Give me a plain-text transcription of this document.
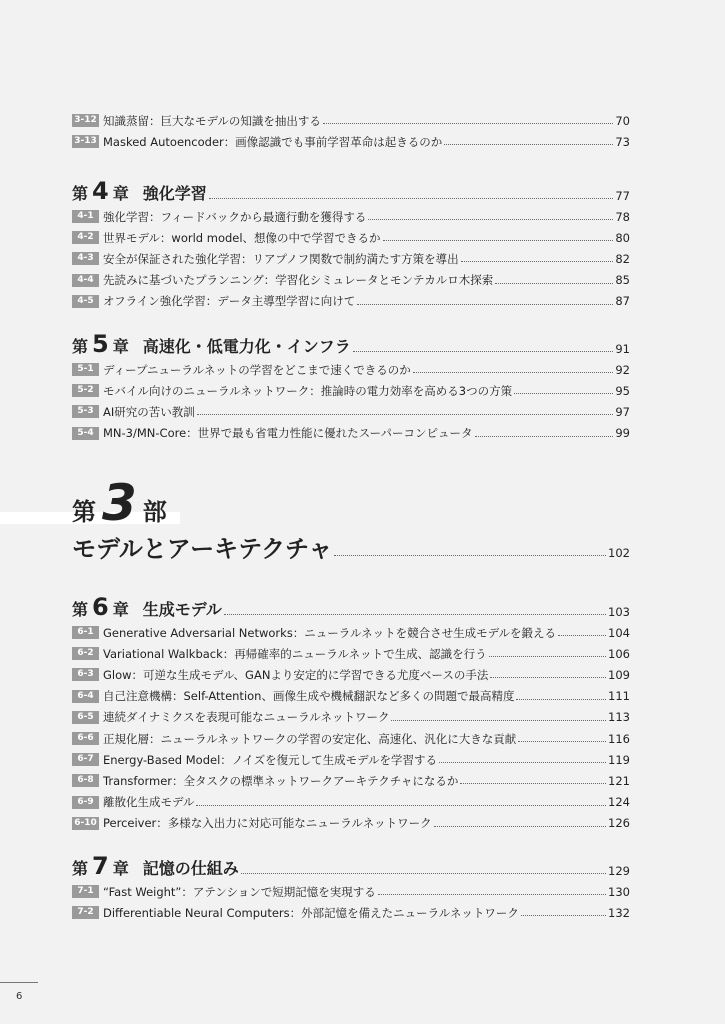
3-12 知識蒸留：巨大なモデルの知識を抽出する	70
3-13 Masked Autoencoder：画像認識でも事前学習革命は起きるのか	73
第 4 章 強化学習	77
4-1 強化学習：フィードバックから最適行動を獲得する	78
4-2 世界モデル：world model、想像の中で学習できるか	80
4-3 安全が保証された強化学習：リアプノフ関数で制約満たす方策を導出	82
4-4 先読みに基づいたプランニング：学習化シミュレータとモンテカルロ木探索	85
4-5 オフライン強化学習：データ主導型学習に向けて	87
第 5 章 高速化・低電力化・インフラ	91
5-1 ディープニューラルネットの学習をどこまで速くできるのか	92
5-2 モバイル向けのニューラルネットワーク：推論時の電力効率を高める3つの方策	95
5-3 AI研究の苦い教訓	97
5-4 MN-3/MN-Core：世界で最も省電力性能に優れたスーパーコンピュータ	99
第 3 部
モデルとアーキテクチャ	102
第 6 章 生成モデル	103
6-1 Generative Adversarial Networks：ニューラルネットを競合させ生成モデルを鍛える	104
6-2 Variational Walkback：再帰確率的ニューラルネットで生成、認識を行う	106
6-3 Glow：可逆な生成モデル、GANより安定的に学習できる尤度ベースの手法	109
6-4 自己注意機構：Self-Attention、画像生成や機械翻訳など多くの問題で最高精度	111
6-5 連続ダイナミクスを表現可能なニューラルネットワーク	113
6-6 正規化層：ニューラルネットワークの学習の安定化、高速化、汎化に大きな貢献	116
6-7 Energy-Based Model：ノイズを復元して生成モデルを学習する	119
6-8 Transformer：全タスクの標準ネットワークアーキテクチャになるか	121
6-9 離散化生成モデル	124
6-10 Perceiver：多様な入出力に対応可能なニューラルネットワーク	126
第 7 章 記憶の仕組み	129
7-1 “Fast Weight”：アテンションで短期記憶を実現する	130
7-2 Differentiable Neural Computers：外部記憶を備えたニューラルネットワーク	132
6
